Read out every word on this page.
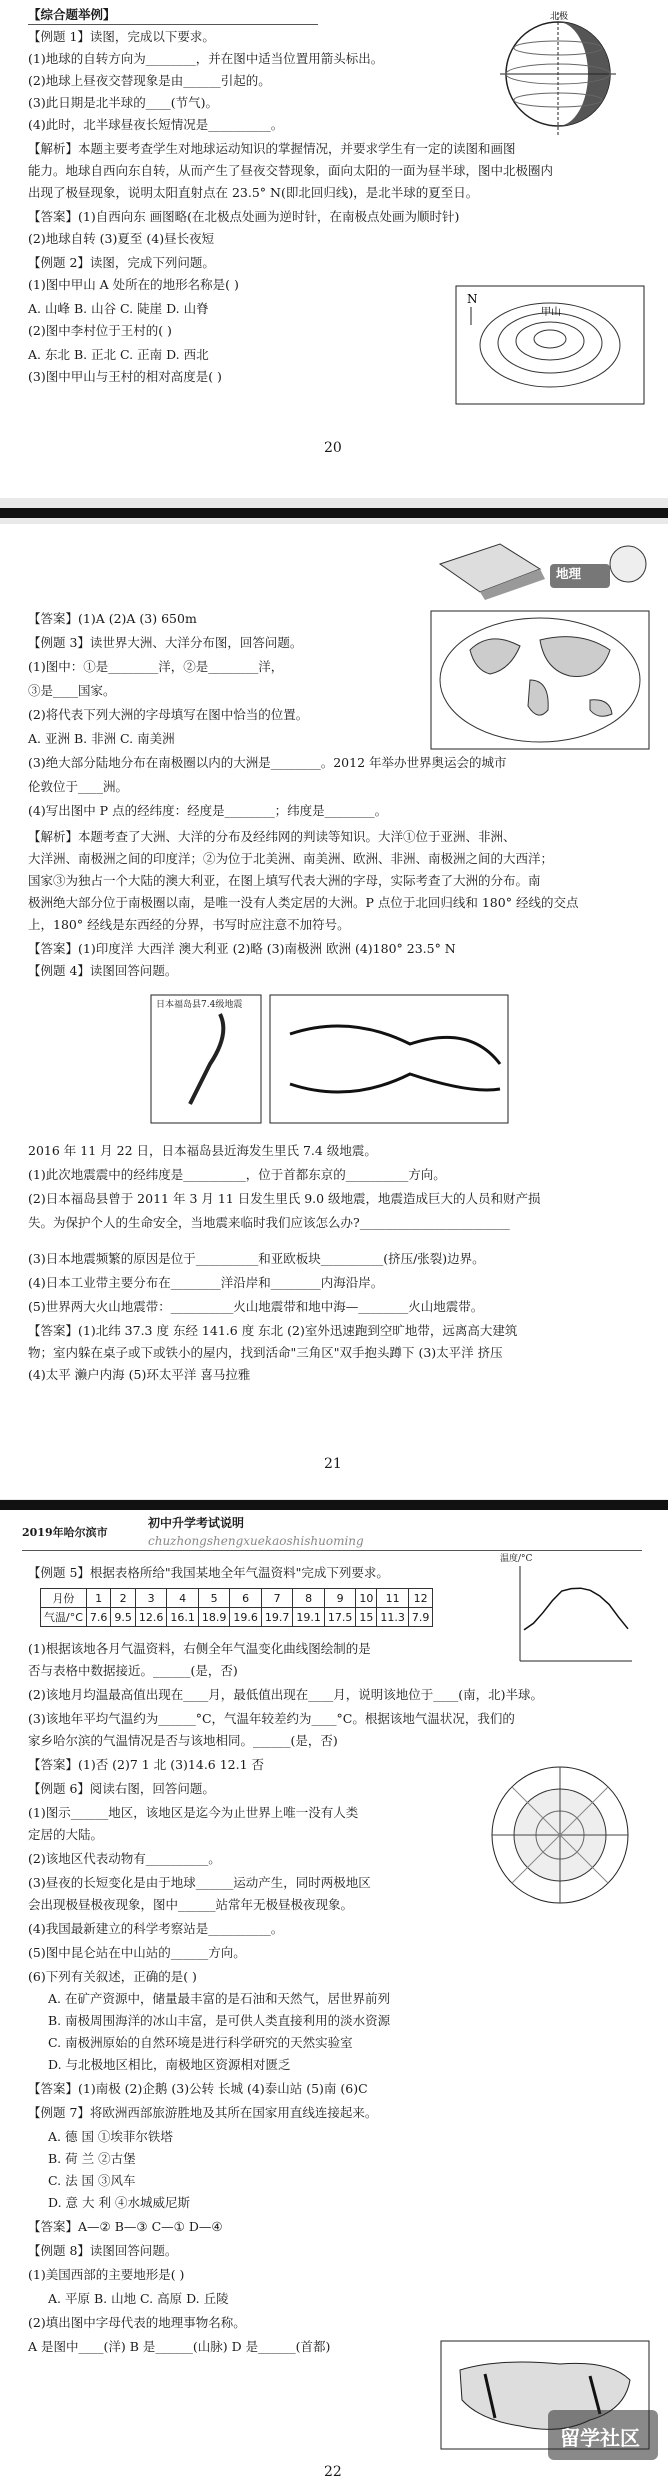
【综合题举例】
【例题 1】读图，完成以下要求。
(1)地球的自转方向为________，并在图中适当位置用箭头标出。
(2)地球上昼夜交替现象是由______引起的。
(3)此日期是北半球的____(节气)。
(4)此时，北半球昼夜长短情况是__________。
【解析】本题主要考查学生对地球运动知识的掌握情况，并要求学生有一定的读图和画图
能力。地球自西向东自转，从而产生了昼夜交替现象，面向太阳的一面为昼半球，图中北极圈内
出现了极昼现象，说明太阳直射点在 23.5° N(即北回归线)，是北半球的夏至日。
【答案】(1)自西向东 画图略(在北极点处画为逆时针，在南极点处画为顺时针)
(2)地球自转 (3)夏至 (4)昼长夜短
【例题 2】读图，完成下列问题。
(1)图中甲山 A 处所在的地形名称是( )
A. 山峰 B. 山谷 C. 陡崖 D. 山脊
(2)图中李村位于王村的( )
A. 东北 B. 正北 C. 正南 D. 西北
(3)图中甲山与王村的相对高度是( )
北极
甲山
N
20
地理
【答案】(1)A (2)A (3) 650m
【例题 3】读世界大洲、大洋分布图，回答问题。
(1)图中：①是________洋，②是________洋，
③是____国家。
(2)将代表下列大洲的字母填写在图中恰当的位置。
A. 亚洲 B. 非洲 C. 南美洲
(3)绝大部分陆地分布在南极圈以内的大洲是________。2012 年举办世界奥运会的城市
伦敦位于____洲。
(4)写出图中 P 点的经纬度：经度是________；纬度是________。
【解析】本题考查了大洲、大洋的分布及经纬网的判读等知识。大洋①位于亚洲、非洲、
大洋洲、南极洲之间的印度洋；②为位于北美洲、南美洲、欧洲、非洲、南极洲之间的大西洋；
国家③为独占一个大陆的澳大利亚，在图上填写代表大洲的字母，实际考查了大洲的分布。南
极洲绝大部分位于南极圈以南，是唯一没有人类定居的大洲。P 点位于北回归线和 180° 经线的交点
上，180° 经线是东西经的分界，书写时应注意不加符号。
【答案】(1)印度洋 大西洋 澳大利亚 (2)略 (3)南极洲 欧洲 (4)180° 23.5° N
【例题 4】读图回答问题。
日本福岛县7.4级地震
2016 年 11 月 22 日，日本福岛县近海发生里氏 7.4 级地震。
(1)此次地震震中的经纬度是__________，位于首都东京的__________方向。
(2)日本福岛县曾于 2011 年 3 月 11 日发生里氏 9.0 级地震，地震造成巨大的人员和财产损
失。为保护个人的生命安全，当地震来临时我们应该怎么办?________________________
(3)日本地震频繁的原因是位于__________和亚欧板块__________(挤压/张裂)边界。
(4)日本工业带主要分布在________洋沿岸和________内海沿岸。
(5)世界两大火山地震带：__________火山地震带和地中海—________火山地震带。
【答案】(1)北纬 37.3 度 东经 141.6 度 东北 (2)室外迅速跑到空旷地带，远离高大建筑
物；室内躲在桌子或下或铁小的屋内，找到活命"三角区"双手抱头蹲下 (3)太平洋 挤压
(4)太平 濑户内海 (5)环太平洋 喜马拉雅
21
2019年哈尔滨市
初中升学考试说明
chuzhongshengxuekaoshishuoming
【例题 5】根据表格所给"我国某地全年气温资料"完成下列要求。
月份	1	2	3	4	5	6	7	8	9	10	11	12
气温/°C	7.6	9.5	12.6	16.1	18.9	19.6	19.7	19.1	17.5	15	11.3	7.9
温度/°C
(1)根据该地各月气温资料，右侧全年气温变化曲线图绘制的是
否与表格中数据接近。______(是，否)
(2)该地月均温最高值出现在____月，最低值出现在____月，说明该地位于____(南，北)半球。
(3)该地年平均气温约为______°C，气温年较差约为____°C。根据该地气温状况，我们的
家乡哈尔滨的气温情况是否与该地相同。______(是，否)
【答案】(1)否 (2)7 1 北 (3)14.6 12.1 否
【例题 6】阅读右图，回答问题。
(1)图示______地区，该地区是迄今为止世界上唯一没有人类
定居的大陆。
(2)该地区代表动物有__________。
(3)昼夜的长短变化是由于地球______运动产生，同时两极地区
会出现极昼极夜现象，图中______站常年无极昼极夜现象。
(4)我国最新建立的科学考察站是__________。
(5)图中昆仑站在中山站的______方向。
(6)下列有关叙述，正确的是( )
A. 在矿产资源中，储量最丰富的是石油和天然气，居世界前列
B. 南极周围海洋的冰山丰富，是可供人类直接利用的淡水资源
C. 南极洲原始的自然环境是进行科学研究的天然实验室
D. 与北极地区相比，南极地区资源相对匮乏
【答案】(1)南极 (2)企鹅 (3)公转 长城 (4)泰山站 (5)南 (6)C
【例题 7】将欧洲西部旅游胜地及其所在国家用直线连接起来。
A. 德 国 ①埃菲尔铁塔
B. 荷 兰 ②古堡
C. 法 国 ③风车
D. 意 大 利 ④水城威尼斯
【答案】A—② B—③ C—① D—④
【例题 8】读图回答问题。
(1)美国西部的主要地形是( )
A. 平原 B. 山地 C. 高原 D. 丘陵
(2)填出图中字母代表的地理事物名称。
A 是图中____(洋) B 是______(山脉) D 是______(首都)
22
留学社区
